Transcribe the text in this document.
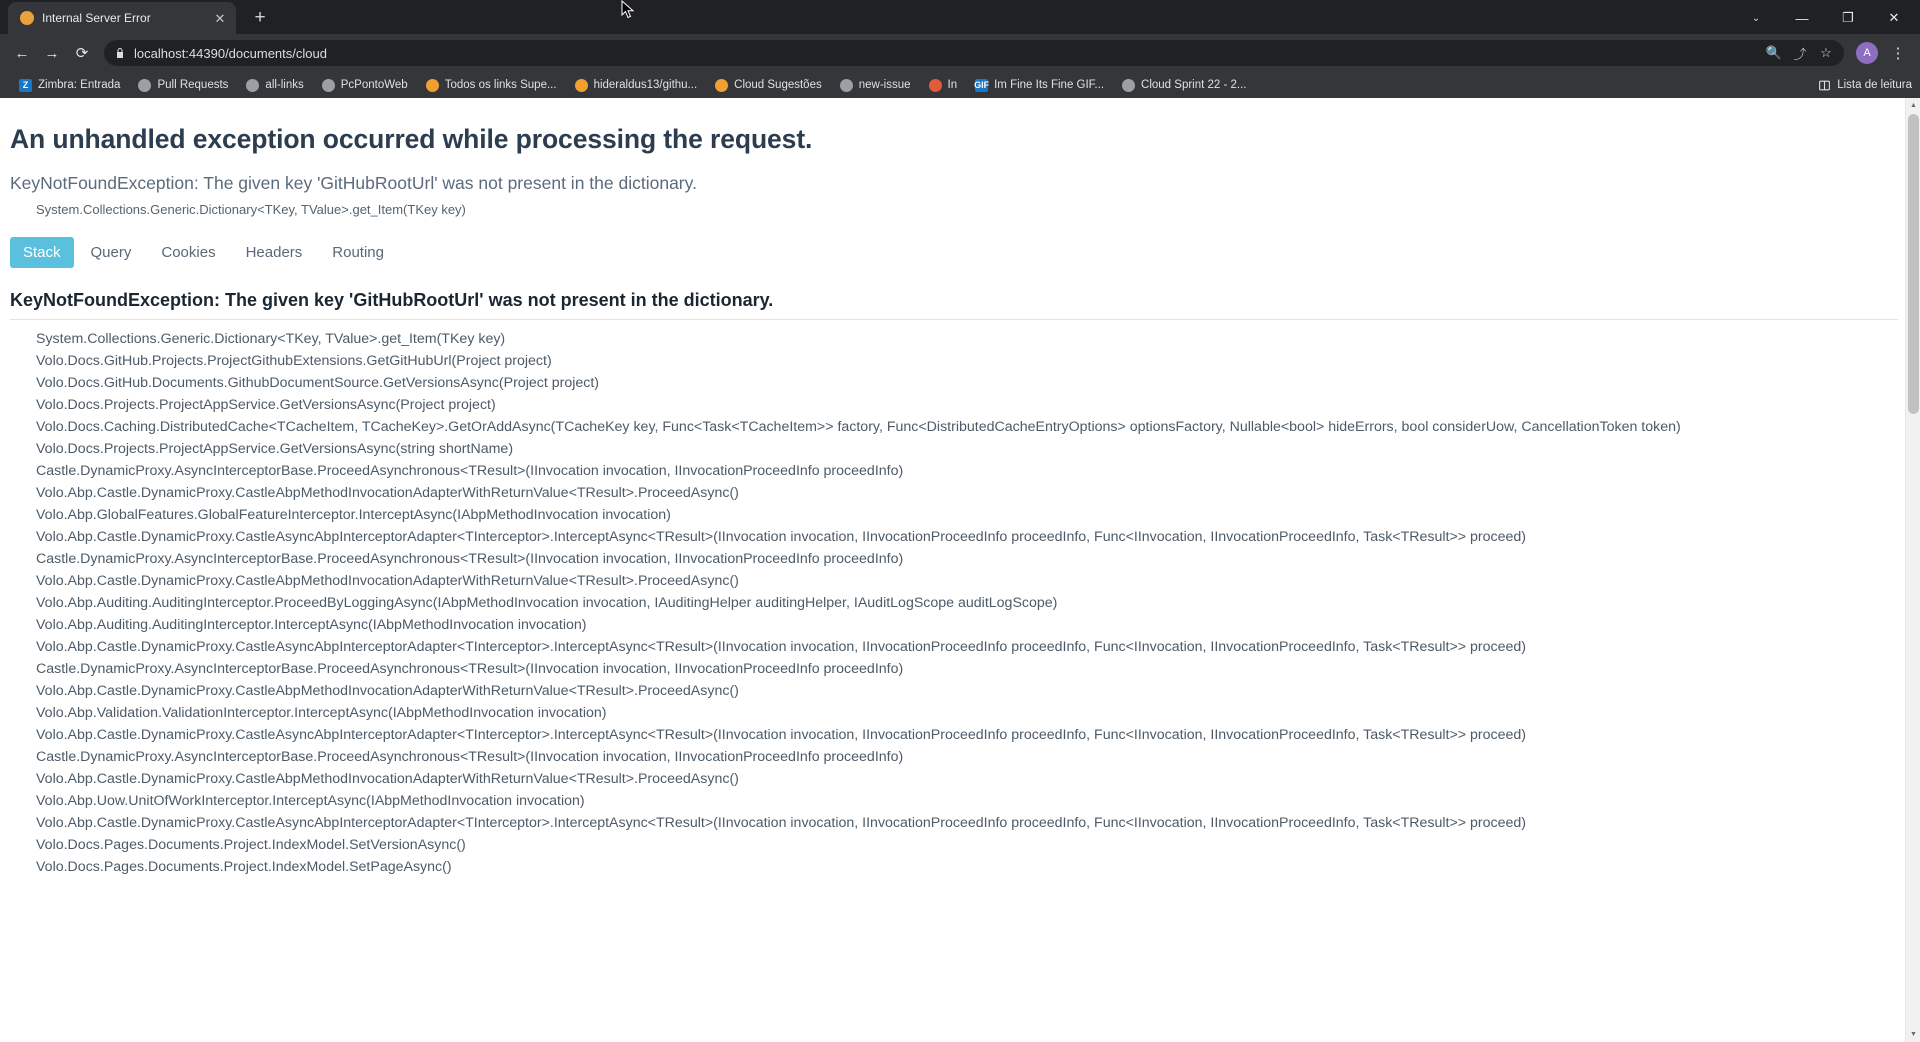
Internal Server Error	✕	+	⌄	—	❐	✕
←	→	⟳	localhost:44390/documents/cloud	🔍 ⤴ ☆	A	⋮
Z Zimbra: Entrada	Pull Requests	all-links	PcPontoWeb	Todos os links Supe...	hideraldus13/githu...	Cloud Sugestões	new-issue	In GIF Im Fine Its Fine GIF...	Cloud Sprint 22 - 2...	Lista de leitura
An unhandled exception occurred while processing the request.
KeyNotFoundException: The given key 'GitHubRootUrl' was not present in the dictionary.
System.Collections.Generic.Dictionary<TKey, TValue>.get_Item(TKey key)
Stack	Query	Cookies	Headers	Routing
KeyNotFoundException: The given key 'GitHubRootUrl' was not present in the dictionary.
System.Collections.Generic.Dictionary<TKey, TValue>.get_Item(TKey key)
Volo.Docs.GitHub.Projects.ProjectGithubExtensions.GetGitHubUrl(Project project)
Volo.Docs.GitHub.Documents.GithubDocumentSource.GetVersionsAsync(Project project)
Volo.Docs.Projects.ProjectAppService.GetVersionsAsync(Project project)
Volo.Docs.Caching.DistributedCache<TCacheItem, TCacheKey>.GetOrAddAsync(TCacheKey key, Func<Task<TCacheItem>> factory, Func<DistributedCacheEntryOptions> optionsFactory, Nullable<bool> hideErrors, bool considerUow, CancellationToken token)
Volo.Docs.Projects.ProjectAppService.GetVersionsAsync(string shortName)
Castle.DynamicProxy.AsyncInterceptorBase.ProceedAsynchronous<TResult>(IInvocation invocation, IInvocationProceedInfo proceedInfo)
Volo.Abp.Castle.DynamicProxy.CastleAbpMethodInvocationAdapterWithReturnValue<TResult>.ProceedAsync()
Volo.Abp.GlobalFeatures.GlobalFeatureInterceptor.InterceptAsync(IAbpMethodInvocation invocation)
Volo.Abp.Castle.DynamicProxy.CastleAsyncAbpInterceptorAdapter<TInterceptor>.InterceptAsync<TResult>(IInvocation invocation, IInvocationProceedInfo proceedInfo, Func<IInvocation, IInvocationProceedInfo, Task<TResult>> proceed)
Castle.DynamicProxy.AsyncInterceptorBase.ProceedAsynchronous<TResult>(IInvocation invocation, IInvocationProceedInfo proceedInfo)
Volo.Abp.Castle.DynamicProxy.CastleAbpMethodInvocationAdapterWithReturnValue<TResult>.ProceedAsync()
Volo.Abp.Auditing.AuditingInterceptor.ProceedByLoggingAsync(IAbpMethodInvocation invocation, IAuditingHelper auditingHelper, IAuditLogScope auditLogScope)
Volo.Abp.Auditing.AuditingInterceptor.InterceptAsync(IAbpMethodInvocation invocation)
Volo.Abp.Castle.DynamicProxy.CastleAsyncAbpInterceptorAdapter<TInterceptor>.InterceptAsync<TResult>(IInvocation invocation, IInvocationProceedInfo proceedInfo, Func<IInvocation, IInvocationProceedInfo, Task<TResult>> proceed)
Castle.DynamicProxy.AsyncInterceptorBase.ProceedAsynchronous<TResult>(IInvocation invocation, IInvocationProceedInfo proceedInfo)
Volo.Abp.Castle.DynamicProxy.CastleAbpMethodInvocationAdapterWithReturnValue<TResult>.ProceedAsync()
Volo.Abp.Validation.ValidationInterceptor.InterceptAsync(IAbpMethodInvocation invocation)
Volo.Abp.Castle.DynamicProxy.CastleAsyncAbpInterceptorAdapter<TInterceptor>.InterceptAsync<TResult>(IInvocation invocation, IInvocationProceedInfo proceedInfo, Func<IInvocation, IInvocationProceedInfo, Task<TResult>> proceed)
Castle.DynamicProxy.AsyncInterceptorBase.ProceedAsynchronous<TResult>(IInvocation invocation, IInvocationProceedInfo proceedInfo)
Volo.Abp.Castle.DynamicProxy.CastleAbpMethodInvocationAdapterWithReturnValue<TResult>.ProceedAsync()
Volo.Abp.Uow.UnitOfWorkInterceptor.InterceptAsync(IAbpMethodInvocation invocation)
Volo.Abp.Castle.DynamicProxy.CastleAsyncAbpInterceptorAdapter<TInterceptor>.InterceptAsync<TResult>(IInvocation invocation, IInvocationProceedInfo proceedInfo, Func<IInvocation, IInvocationProceedInfo, Task<TResult>> proceed)
Volo.Docs.Pages.Documents.Project.IndexModel.SetVersionAsync()
Volo.Docs.Pages.Documents.Project.IndexModel.SetPageAsync()
▲
▼
